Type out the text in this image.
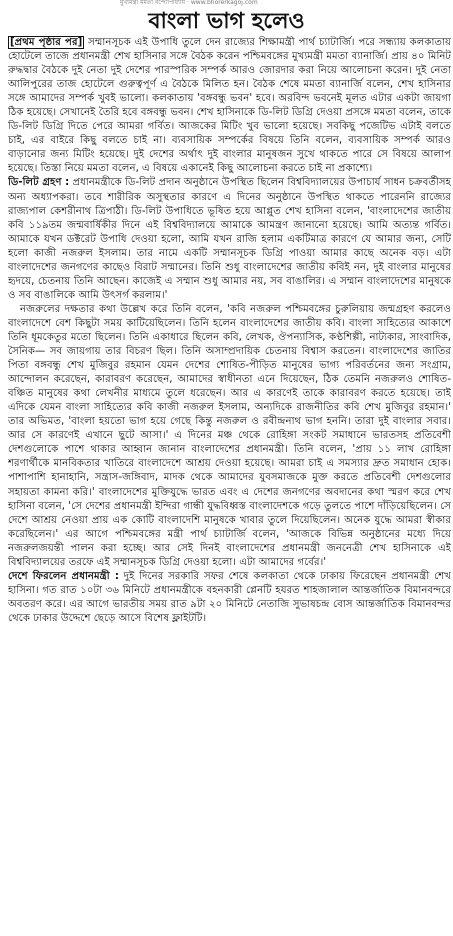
মুখ্যমন্ত্রী মমতা বন্দ্যোপাধ্যায় · www.bhorerkagoj.com
বাংলা ভাগ হলেও

[প্রথম পৃষ্ঠার পর] সম্মানসূচক এই উপাধি তুলে দেন রাজ্যের শিক্ষামন্ত্রী পার্থ চ্যাটার্জি। পরে সন্ধ্যায় কলকাতায় হোটেলে তাজে প্রধানমন্ত্রী শেখ হাসিনার সঙ্গে বৈঠক করেন পশ্চিমবঙ্গের মুখ্যমন্ত্রী মমতা ব্যানার্জি। প্রায় ৪০ মিনিট রুদ্ধদ্বার বৈঠকে দুই নেতা দুই দেশের পারস্পরিক সম্পর্ক আরও জোরদার করা নিয়ে আলোচনা করেন। দুই নেতা আলিপুরের তাজ হোটেলে গুরুত্বপূর্ণ এ বৈঠকে মিলিত হন। বৈঠক শেষে মমতা ব্যানার্জি বলেন, শেখ হাসিনার সঙ্গে আমাদের সম্পর্ক খুবই ভালো। কলকাতায় 'বঙ্গবন্ধু ভবন' হবে। অরবিন্দ ভবনেই মূলত এটার একটা জায়গা ঠিক হয়েছে। সেখানেই তৈরি হবে বঙ্গবন্ধু ভবন। শেখ হাসিনাকে ডি-লিট ডিগ্রি দেওয়া প্রসঙ্গে মমতা বলেন, তাকে ডি-লিট ডিগ্রি দিতে পেরে আমরা গর্বিত। আজকের মিটিং খুব ভালো হয়েছে। সবকিছু পজেটিভ এটাই বলতে চাই, এর বাইরে কিছু বলতে চাই না। ব্যবসায়িক সম্পর্কের বিষয়ে তিনি বলেন, ব্যবসায়িক সম্পর্ক আরও বাড়ানোর জন্য মিটিং হয়েছে। দুই দেশের অর্থাৎ দুই বাংলার মানুষজন সুখে থাকতে পারে সে বিষয়ে আলাপ হয়েছে। তিস্তা নিয়ে মমতা বলেন, এ বিষয়ে একানেই কিছু আলোচনা করতে চাই না প্রকাশ্যে।

ডি-লিট গ্রহণ : প্রধানমন্ত্রীকে ডি-লিট প্রদান অনুষ্ঠানে উপস্থিত ছিলেন বিশ্ববিদ্যালয়ের উপাচার্য সাধন চক্রবর্তীসহ অন্য অধ্যাপকরা। তবে শারীরিক অসুস্থতার কারণে এ দিনের অনুষ্ঠানে উপস্থিত থাকতে পারেননি রাজ্যের রাজ্যপাল কেশরীনাথ ত্রিপাঠী। ডি-লিট উপাধিতে ভূষিত হয়ে আপ্লুত শেখ হাসিনা বলেন, 'বাংলাদেশের জাতীয় কবি ১১৯তম জন্মবার্ষিকীর দিনে এই বিশ্ববিদ্যালয়ে আমাকে আমন্ত্রণ জানানো হয়েছে। আমি অত্যন্ত গর্বিত। আমাকে যখন ডক্টরেট উপাধি দেওয়া হলো, আমি যখন রাজি হলাম একটিমাত্র কারণে যে আমার জন্য, সেটি হলো কাজী নজরুল ইসলাম। তার নামে একটি সম্মানসূচক ডিগ্রি পাওয়া আমার কাছে অনেক বড়। এটা বাংলাদেশের জনগণের কাছেও বিরাট সম্মানের। তিনি শুধু বাংলাদেশের জাতীয় কবিই নন, দুই বাংলার মানুষের হৃদয়ে, চেতনায় তিনি আছেন। কাজেই এ সম্মান শুধু আমার নয়, সব বাঙালির। এ সম্মান বাংলাদেশের মানুষকে ও সব বাঙালিকে আমি উৎসর্গ করলাম।'

নজরুলের দক্ষতার কথা উল্লেখ করে তিনি বলেন, 'কবি নজরুল পশ্চিমবঙ্গের চুরুলিয়ায় জন্মগ্রহণ করলেও বাংলাদেশে বেশ কিছুটা সময় কাটিয়েছিলেন। তিনি হলেন বাংলাদেশের জাতীয় কবি। বাংলা সাহিত্যের আকাশে তিনি ধূমকেতুর মতো ছিলেন। তিনি একাধারে ছিলেন কবি, লেখক, ঔপন্যাসিক, কণ্ঠশিল্পী, নাট্যকার, সাংবাদিক, সৈনিক— সব জায়গায় তার বিচরণ ছিল। তিনি অসাম্প্রদায়িক চেতনায় বিশ্বাস করতেন। বাংলাদেশের জাতির পিতা বঙ্গবন্ধু শেখ মুজিবুর রহমান যেমন দেশের শোষিত-পীড়িত মানুষের ভাগ্য পরিবর্তনের জন্য সংগ্রাম, আন্দোলন করেছেন, কারাবরণ করেছেন, আমাদের স্বাধীনতা এনে দিয়েছেন, ঠিক তেমনি নজরুলও শোষিত-বঞ্চিত মানুষের কথা লেখনীর মাধ্যমে তুলে ধরেছেন। আর এ কারণেই তাকে কারাবরণ করতে হয়েছে। তাই এদিকে যেমন বাংলা সাহিত্যের কবি কাজী নজরুল ইসলাম, অন্যদিকে রাজনীতির কবি শেখ মুজিবুর রহমান।' তার অভিমত, 'বাংলা হয়তো ভাগ হয়ে গেছে কিন্তু নজরুল ও রবীন্দ্রনাথ ভাগ হননি। তারা দুই বাংলার সবার। আর সে কারণেই এখানে ছুটে আসা।' এ দিনের মঞ্চ থেকে রোহিঙ্গা সংকট সমাধানে ভারতসহ প্রতিবেশী দেশগুলোকে পাশে থাকার আহ্বান জানান বাংলাদেশের প্রধানমন্ত্রী। তিনি বলেন, 'প্রায় ১১ লাখ রোহিঙ্গা শরণার্থীকে মানবিকতার খাতিরে বাংলাদেশে আশ্রয় দেওয়া হয়েছে। আমরা চাই এ সমস্যার দ্রুত সমাধান হোক। পাশাপাশি হানাহানি, সন্ত্রাস-জঙ্গিবাদ, মাদক থেকে আমাদের যুবসমাজকে মুক্ত করতে প্রতিবেশী দেশগুলোর সহায়তা কামনা করি।' বাংলাদেশের মুক্তিযুদ্ধে ভারত এবং এ দেশের জনগণের অবদানের কথা স্মরণ করে শেখ হাসিনা বলেন, 'সে দেশের প্রধানমন্ত্রী ইন্দিরা গান্ধী যুদ্ধবিধ্বস্ত বাংলাদেশকে গড়ে তুলতে পাশে দাঁড়িয়েছিলেন। সে দেশে আশ্রয় নেওয়া প্রায় এক কোটি বাংলাদেশি মানুষকে খাবার তুলে দিয়েছিলেন। অনেক যুদ্ধে আমরা স্বীকার করেছিলেন।' এর আগে পশ্চিমবঙ্গের মন্ত্রী পার্থ চ্যাটার্জি বলেন, 'আজকে বিভিন্ন অনুষ্ঠানের মধ্যে দিয়ে নজরুলজয়ন্তী পালন করা হচ্ছে। আর সেই দিনই বাংলাদেশের প্রধানমন্ত্রী জননেত্রী শেখ হাসিনাকে এই বিশ্ববিদ্যালয়ের তরফে এই সম্মানসূচক ডিগ্রি দেওয়া হলো। এটা আমাদের গর্বের।'

দেশে ফিরলেন প্রধানমন্ত্রী : দুই দিনের সরকারি সফর শেষে কলকাতা থেকে ঢাকায় ফিরেছেন প্রধানমন্ত্রী শেখ হাসিনা। গত রাত ১০টা ৩৬ মিনিটে প্রধানমন্ত্রীকে বহনকারী প্লেনটি হযরত শাহজালাল আন্তর্জাতিক বিমানবন্দরে অবতরণ করে। এর আগে ভারতীয় সময় রাত ৯টা ২০ মিনিটে নেতাজি সুভাষচন্দ্র বোস আন্তর্জাতিক বিমানবন্দর থেকে ঢাকার উদ্দেশে ছেড়ে আসে বিশেষ ফ্লাইটটি।
